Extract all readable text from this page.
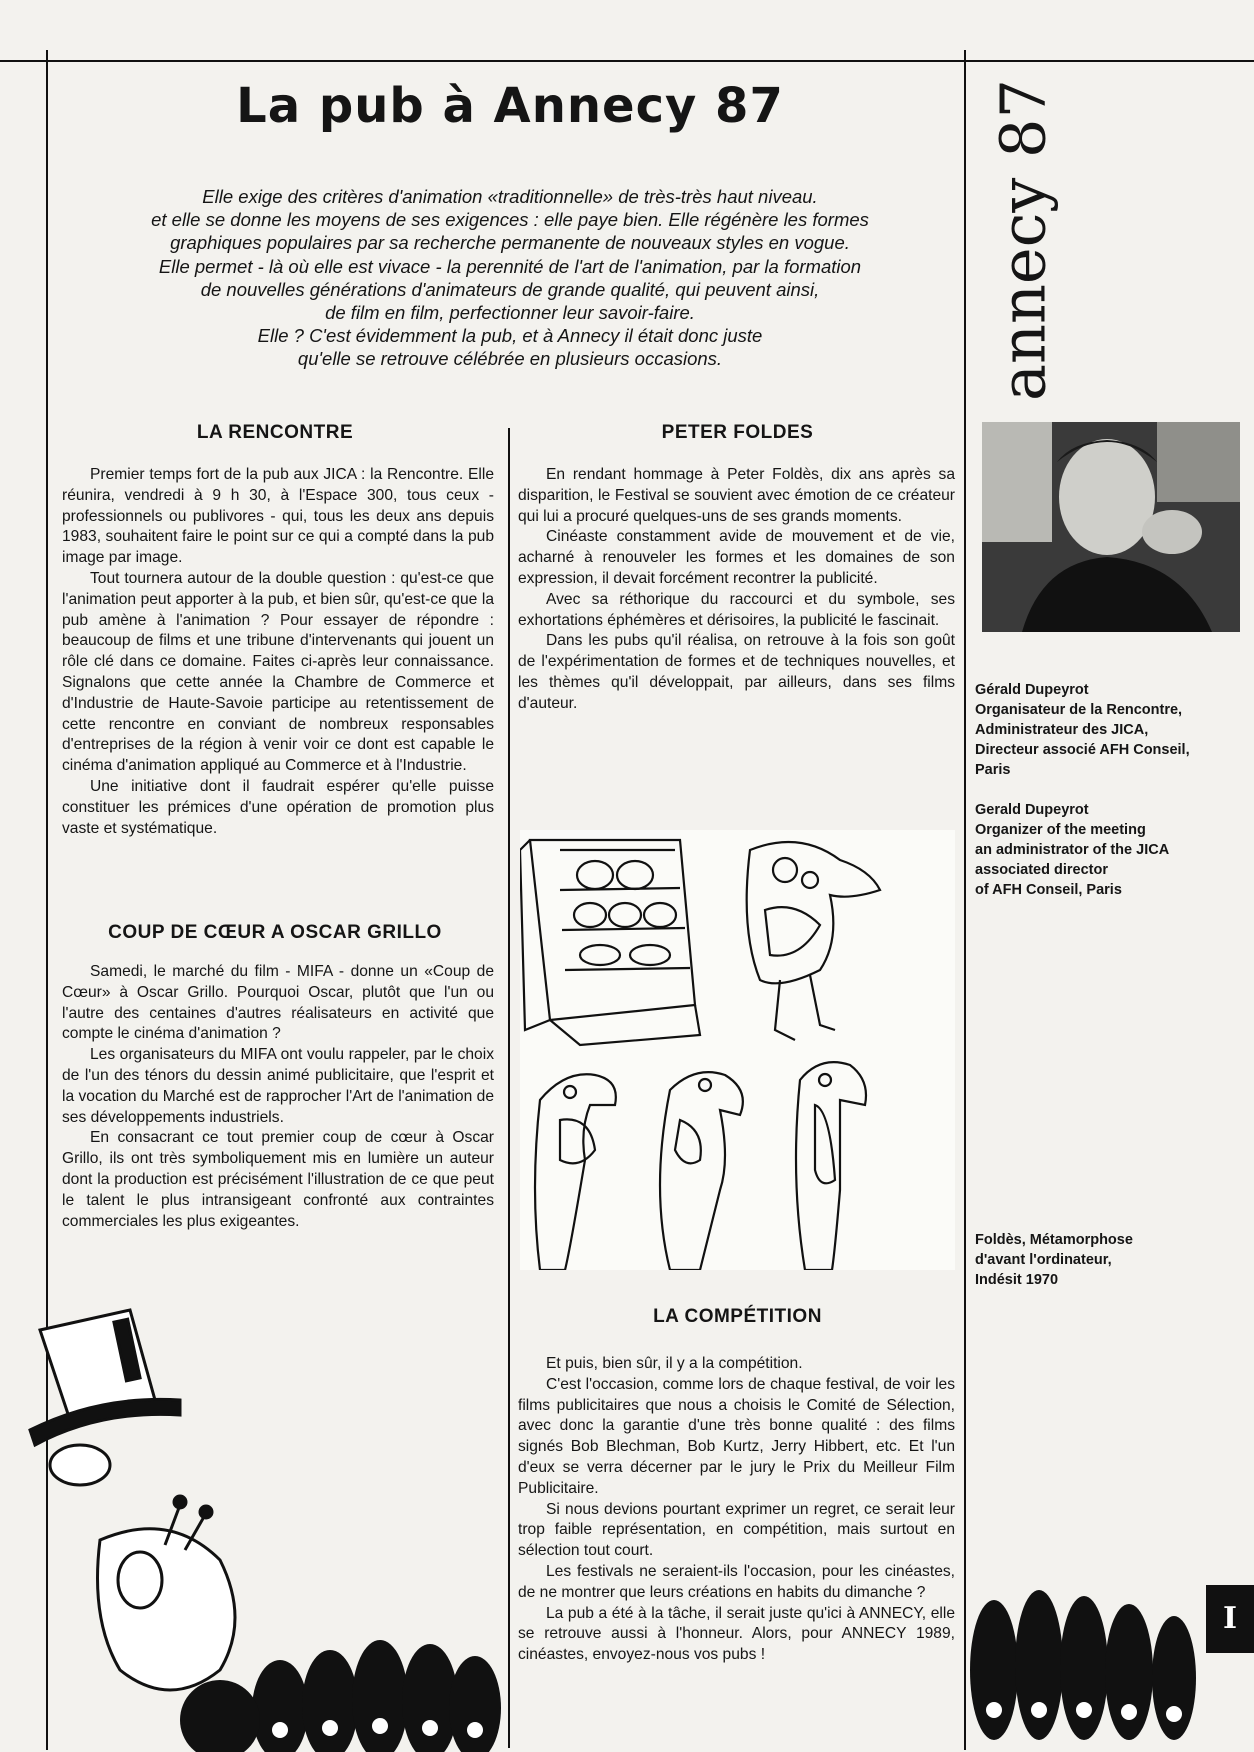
La pub à Annecy 87	annecy 87

Elle exige des critères d'animation «traditionnelle» de très-très haut niveau.

et elle se donne les moyens de ses exigences : elle paye bien. Elle régénère les formes

graphiques populaires par sa recherche permanente de nouveaux styles en vogue.

Elle permet - là où elle est vivace - la perennité de l'art de l'animation, par la formation

de nouvelles générations d'animateurs de grande qualité, qui peuvent ainsi,

de film en film, perfectionner leur savoir-faire.

Elle ? C'est évidemment la pub, et à Annecy il était donc juste

qu'elle se retrouve célébrée en plusieurs occasions.

LA RENCONTRE

Premier temps fort de la pub aux JICA : la Rencontre. Elle réunira, vendredi à 9 h 30, à l'Espace 300, tous ceux - professionnels ou publivores - qui, tous les deux ans depuis 1983, souhaitent faire le point sur ce qui a compté dans la pub image par image.

Tout tournera autour de la double question : qu'est-ce que l'animation peut apporter à la pub, et bien sûr, qu'est-ce que la pub amène à l'animation ? Pour essayer de répondre : beaucoup de films et une tribune d'intervenants qui jouent un rôle clé dans ce domaine. Faites ci-après leur connaissance. Signalons que cette année la Chambre de Commerce et d'Industrie de Haute-Savoie participe au retentissement de cette rencontre en conviant de nombreux responsables d'entreprises de la région à venir voir ce dont est capable le cinéma d'animation appliqué au Commerce et à l'Industrie.

Une initiative dont il faudrait espérer qu'elle puisse constituer les prémices d'une opération de promotion plus vaste et systématique.

COUP DE CŒUR A OSCAR GRILLO

Samedi, le marché du film - MIFA - donne un «Coup de Cœur» à Oscar Grillo. Pourquoi Oscar, plutôt que l'un ou l'autre des centaines d'autres réalisateurs en activité que compte le cinéma d'animation ?

Les organisateurs du MIFA ont voulu rappeler, par le choix de l'un des ténors du dessin animé publicitaire, que l'esprit et la vocation du Marché est de rapprocher l'Art de l'animation de ses développements industriels.

En consacrant ce tout premier coup de cœur à Oscar Grillo, ils ont très symboliquement mis en lumière un auteur dont la production est précisément l'illustration de ce que peut le talent le plus intransigeant confronté aux contraintes commerciales les plus exigeantes.

PETER FOLDES

En rendant hommage à Peter Foldès, dix ans après sa disparition, le Festival se souvient avec émotion de ce créateur qui lui a procuré quelques-uns de ses grands moments.

Cinéaste constamment avide de mouvement et de vie, acharné à renouveler les formes et les domaines de son expression, il devait forcément recontrer la publicité.

Avec sa réthorique du raccourci et du symbole, ses exhortations éphémères et dérisoires, la publicité le fascinait.

Dans les pubs qu'il réalisa, on retrouve à la fois son goût de l'expérimentation de formes et de techniques nouvelles, et les thèmes qu'il développait, par ailleurs, dans ses films d'auteur.

LA COMPÉTITION

Et puis, bien sûr, il y a la compétition.

C'est l'occasion, comme lors de chaque festival, de voir les films publicitaires que nous a choisis le Comité de Sélection, avec donc la garantie d'une très bonne qualité : des films signés Bob Blechman, Bob Kurtz, Jerry Hibbert, etc. Et l'un d'eux se verra décerner par le jury le Prix du Meilleur Film Publicitaire.

Si nous devions pourtant exprimer un regret, ce serait leur trop faible représentation, en compétition, mais surtout en sélection tout court.

Les festivals ne seraient-ils l'occasion, pour les cinéastes, de ne montrer que leurs créations en habits du dimanche ?

La pub a été à la tâche, il serait juste qu'ici à ANNECY, elle se retrouve aussi à l'honneur. Alors, pour ANNECY 1989, cinéastes, envoyez-nous vos pubs !

Gérald Dupeyrot

Organisateur de la Rencontre,

Administrateur des JICA,

Directeur associé AFH Conseil,

Paris

Gerald Dupeyrot

Organizer of the meeting

an administrator of the JICA

associated director

of AFH Conseil, Paris

Foldès, Métamorphose

d'avant l'ordinateur,

Indésit 1970

I
